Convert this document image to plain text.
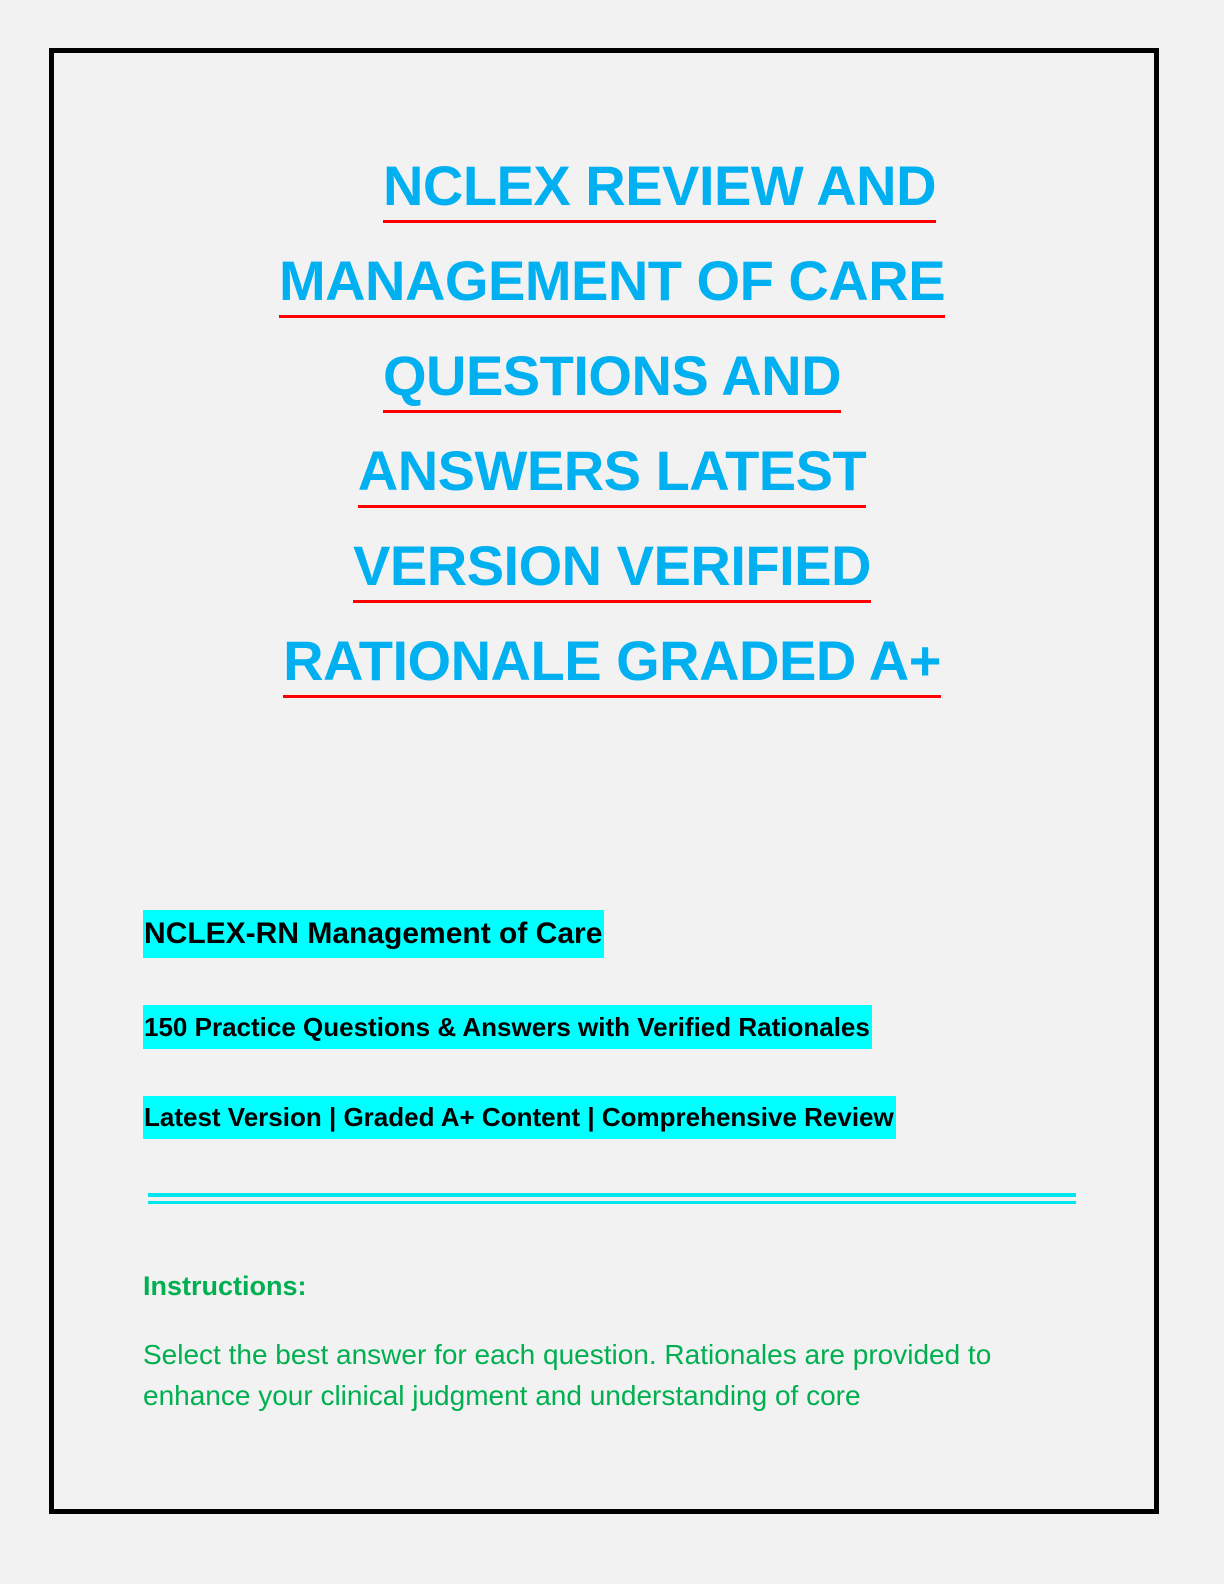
NCLEX REVIEW AND
MANAGEMENT OF CARE
QUESTIONS AND
ANSWERS LATEST
VERSION VERIFIED
RATIONALE GRADED A+
NCLEX-RN Management of Care
150 Practice Questions & Answers with Verified Rationales
Latest Version | Graded A+ Content | Comprehensive Review

Instructions:

Select the best answer for each question. Rationales are provided to enhance your clinical judgment and understanding of core
